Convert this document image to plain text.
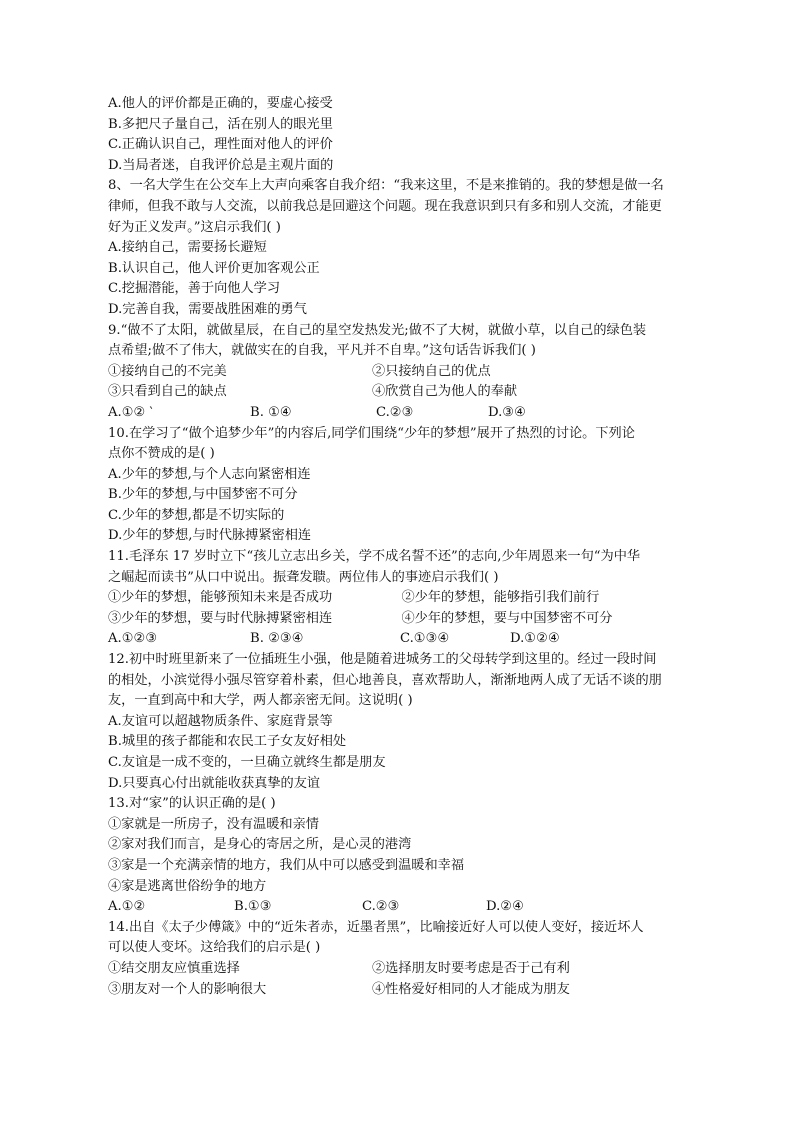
A.他人的评价都是正确的，要虚心接受
B.多把尺子量自己，活在别人的眼光里
C.正确认识自己，理性面对他人的评价
D.当局者迷，自我评价总是主观片面的
8、一名大学生在公交车上大声向乘客自我介绍：“我来这里，不是来推销的。我的梦想是做一名
律师，但我不敢与人交流，以前我总是回避这个问题。现在我意识到只有多和别人交流，才能更
好为正义发声。”这启示我们( )
A.接纳自己，需要扬长避短
B.认识自己，他人评价更加客观公正
C.挖掘潜能，善于向他人学习
D.完善自我，需要战胜困难的勇气
9.“做不了太阳，就做星辰，在自己的星空发热发光;做不了大树，就做小草，以自己的绿色装
点希望;做不了伟大，就做实在的自我，平凡并不自卑。”这句话告诉我们( )
①接纳自己的不完美	②只接纳自己的优点
③只看到自己的缺点	④欣赏自己为他人的奉献
A.①② ‵	B. ①④	C.②③	D.③④
10.在学习了“做个追梦少年”的内容后,同学们围绕“少年的梦想”展开了热烈的讨论。下列论
点你不赞成的是( )
A.少年的梦想,与个人志向紧密相连
B.少年的梦想,与中国梦密不可分
C.少年的梦想,都是不切实际的
D.少年的梦想,与时代脉搏紧密相连
11.毛泽东 17 岁时立下“孩儿立志出乡关，学不成名誓不还”的志向,少年周恩来一句“为中华
之崛起而读书”从口中说出。振聋发聩。两位伟人的事迹启示我们( )
①少年的梦想，能够预知未来是否成功	②少年的梦想，能够指引我们前行
③少年的梦想，要与时代脉搏紧密相连	④少年的梦想，要与中国梦密不可分
A.①②③	B. ②③④	C.①③④	D.①②④
12.初中时班里新来了一位插班生小强，他是随着进城务工的父母转学到这里的。经过一段时间
的相处，小滨觉得小强尽管穿着朴素，但心地善良，喜欢帮助人，渐渐地两人成了无话不谈的朋
友，一直到高中和大学，两人都亲密无间。这说明( )
A.友谊可以超越物质条件、家庭背景等
B.城里的孩子都能和农民工子女友好相处
C.友谊是一成不变的，一旦确立就终生都是朋友
D.只要真心付出就能收获真挚的友谊
13.对“家”的认识正确的是( )
①家就是一所房子，没有温暖和亲情
②家对我们而言，是身心的寄居之所，是心灵的港湾
③家是一个充满亲情的地方，我们从中可以感受到温暖和幸福
④家是逃离世俗纷争的地方
A.①②	B.①③	C.②③	D.②④
14.出自《太子少傅箴》中的“近朱者赤，近墨者黑”，比喻接近好人可以使人变好，接近坏人
可以使人变坏。这给我们的启示是( )
①结交朋友应慎重选择	②选择朋友时要考虑是否于己有利
③朋友对一个人的影响很大	④性格爱好相同的人才能成为朋友
